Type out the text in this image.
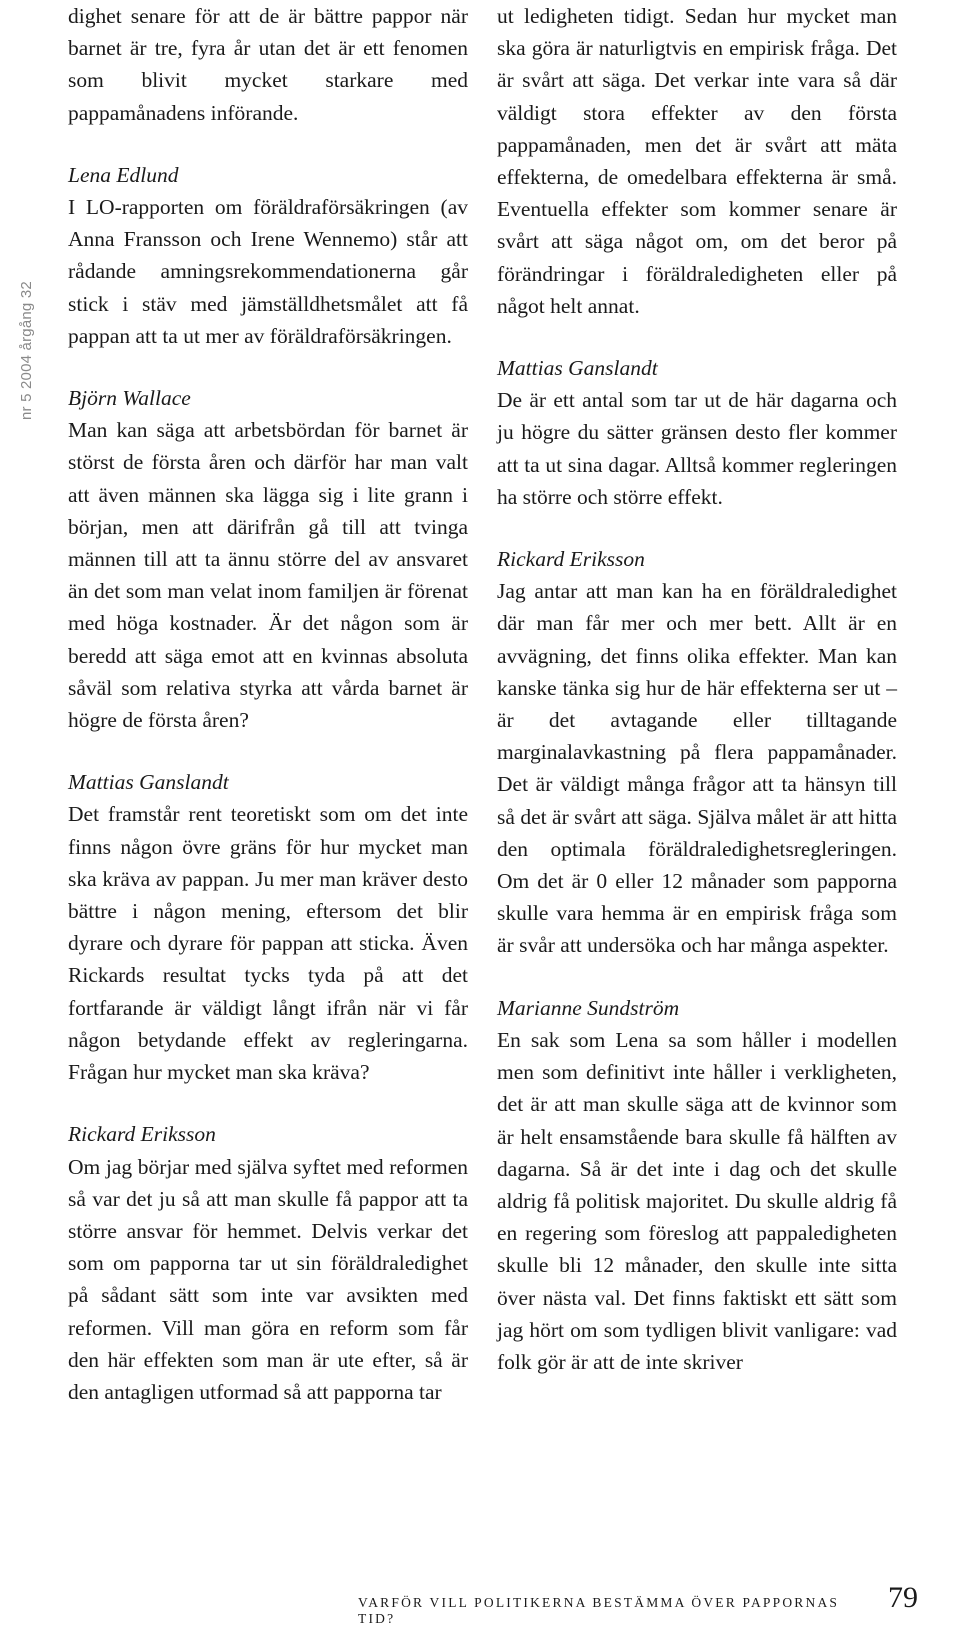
nr 5 2004 årgång 32

dighet senare för att de är bättre pappor när barnet är tre, fyra år utan det är ett fenomen som blivit mycket starkare med pappamånadens införande.

Lena Edlund

I LO-rapporten om föräldraförsäkringen (av Anna Fransson och Irene Wennemo) står att rådande amningsrekommendationerna går stick i stäv med jämställdhetsmålet att få pappan att ta ut mer av föräldraförsäkringen.

Björn Wallace

Man kan säga att arbetsbördan för barnet är störst de första åren och därför har man valt att även männen ska lägga sig i lite grann i början, men att därifrån gå till att tvinga männen till att ta ännu större del av ansvaret än det som man velat inom familjen är förenat med höga kostnader. Är det någon som är beredd att säga emot att en kvinnas absoluta såväl som relativa styrka att vårda barnet är högre de första åren?

Mattias Ganslandt

Det framstår rent teoretiskt som om det inte finns någon övre gräns för hur mycket man ska kräva av pappan. Ju mer man kräver desto bättre i någon mening, eftersom det blir dyrare och dyrare för pappan att sticka. Även Rickards resultat tycks tyda på att det fortfarande är väldigt långt ifrån när vi får någon betydande effekt av regleringarna. Frågan hur mycket man ska kräva?

Rickard Eriksson

Om jag börjar med själva syftet med reformen så var det ju så att man skulle få pappor att ta större ansvar för hemmet. Delvis verkar det som om papporna tar ut sin föräldraledighet på sådant sätt som inte var avsikten med reformen. Vill man göra en reform som får den här effekten som man är ute efter, så är den antagligen utformad så att papporna tar

ut ledigheten tidigt. Sedan hur mycket man ska göra är naturligtvis en empirisk fråga. Det är svårt att säga. Det verkar inte vara så där väldigt stora effekter av den första pappamånaden, men det är svårt att mäta effekterna, de omedelbara effekterna är små. Eventuella effekter som kommer senare är svårt att säga något om, om det beror på förändringar i föräldraledigheten eller på något helt annat.

Mattias Ganslandt

De är ett antal som tar ut de här dagarna och ju högre du sätter gränsen desto fler kommer att ta ut sina dagar. Alltså kommer regleringen ha större och större effekt.

Rickard Eriksson

Jag antar att man kan ha en föräldraledighet där man får mer och mer bett. Allt är en avvägning, det finns olika effekter. Man kan kanske tänka sig hur de här effekterna ser ut – är det avtagande eller tilltagande marginalavkastning på flera pappamånader. Det är väldigt många frågor att ta hänsyn till så det är svårt att säga. Själva målet är att hitta den optimala föräldraledighetsregleringen. Om det är 0 eller 12 månader som papporna skulle vara hemma är en empirisk fråga som är svår att undersöka och har många aspekter.

Marianne Sundström

En sak som Lena sa som håller i modellen men som definitivt inte håller i verkligheten, det är att man skulle säga att de kvinnor som är helt ensamstående bara skulle få hälften av dagarna. Så är det inte i dag och det skulle aldrig få politisk majoritet. Du skulle aldrig få en regering som föreslog att pappaledigheten skulle bli 12 månader, den skulle inte sitta över nästa val. Det finns faktiskt ett sätt som jag hört om som tydligen blivit vanligare: vad folk gör är att de inte skriver

VARFÖR VILL POLITIKERNA BESTÄMMA ÖVER PAPPORNAS TID?
79
